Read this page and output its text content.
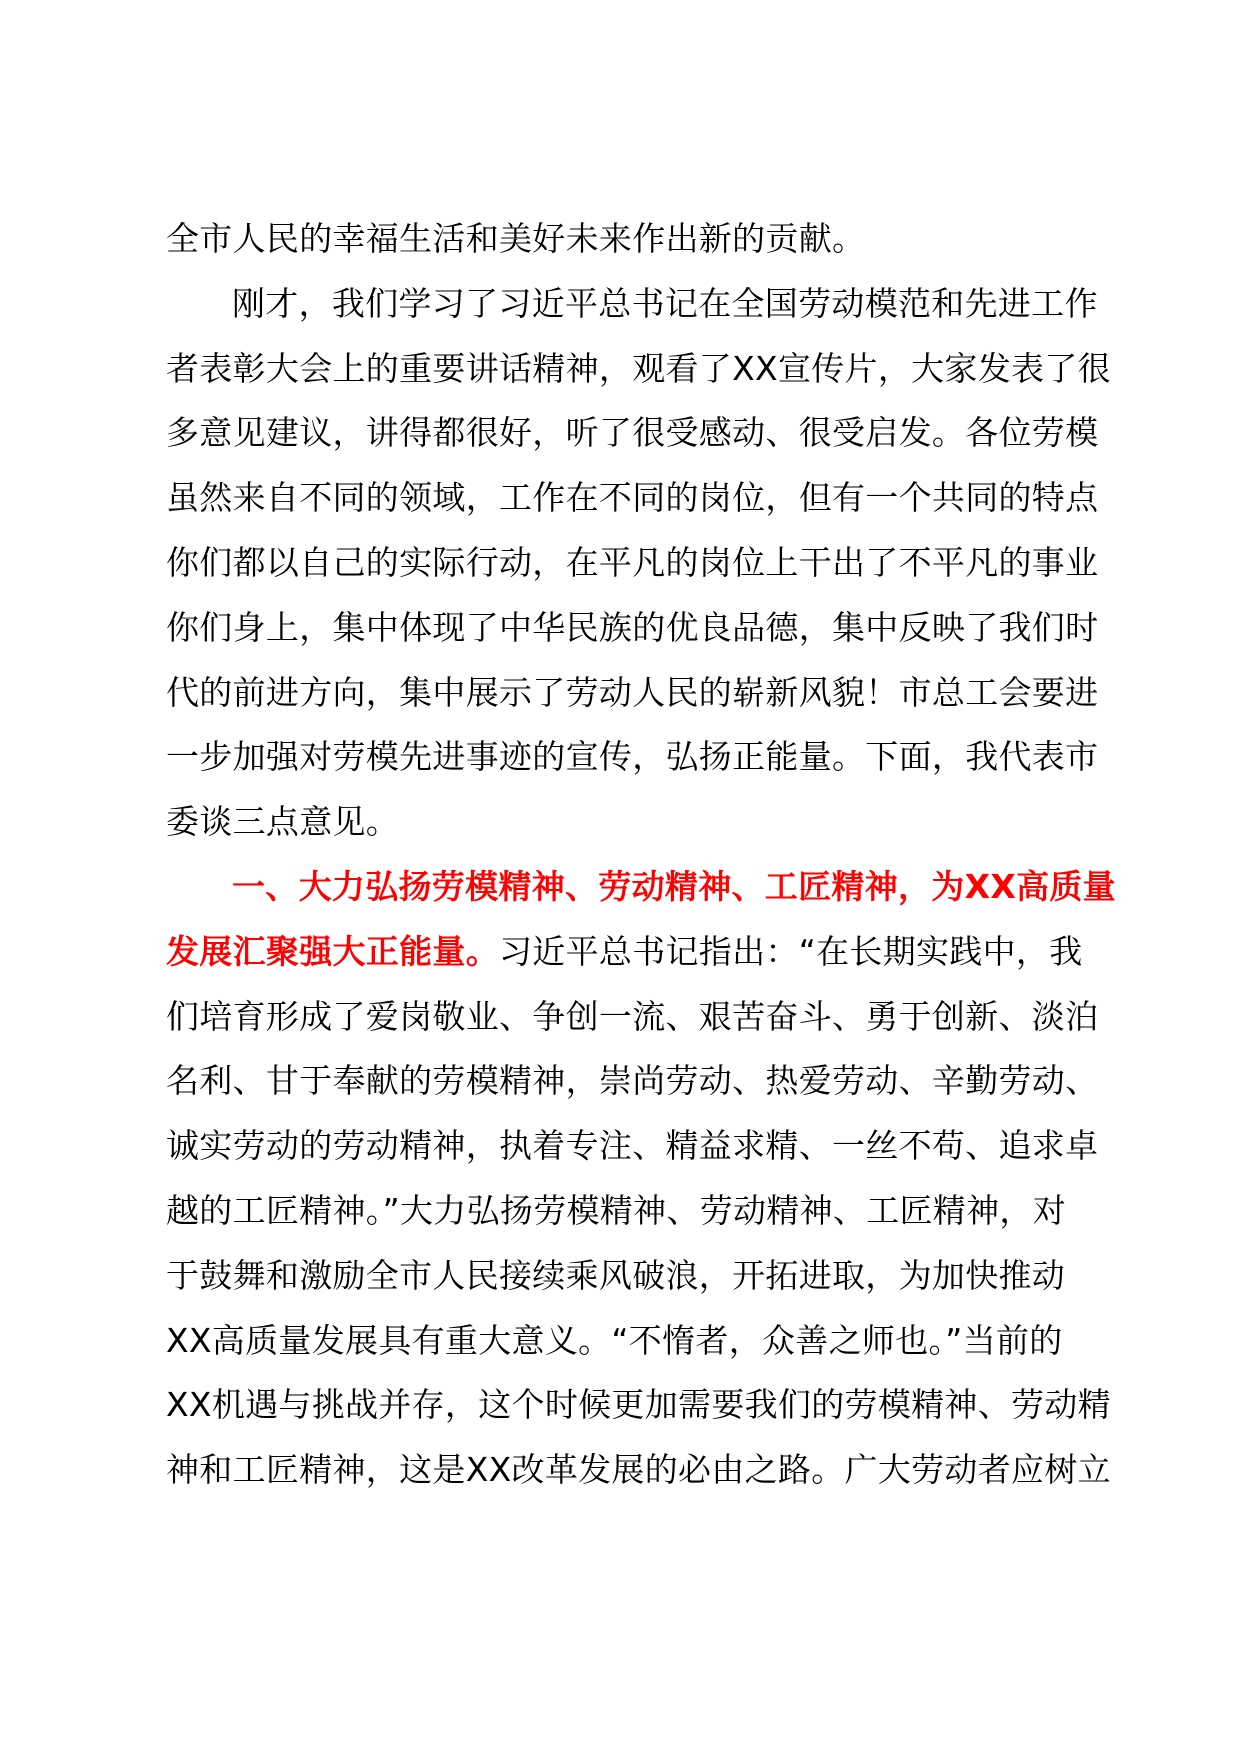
全市人民的幸福生活和美好未来作出新的贡献。
刚才，我们学习了习近平总书记在全国劳动模范和先进工作
者表彰大会上的重要讲话精神，观看了XX宣传片，大家发表了很
多意见建议，讲得都很好，听了很受感动、很受启发。各位劳模
虽然来自不同的领域，工作在不同的岗位，但有一个共同的特点
你们都以自己的实际行动，在平凡的岗位上干出了不平凡的事业
你们身上，集中体现了中华民族的优良品德，集中反映了我们时
代的前进方向，集中展示了劳动人民的崭新风貌！市总工会要进
一步加强对劳模先进事迹的宣传，弘扬正能量。下面，我代表市
委谈三点意见。
一、大力弘扬劳模精神、劳动精神、工匠精神，为XX高质量
发展汇聚强大正能量。习近平总书记指出：“在长期实践中，我
们培育形成了爱岗敬业、争创一流、艰苦奋斗、勇于创新、淡泊
名利、甘于奉献的劳模精神，崇尚劳动、热爱劳动、辛勤劳动、
诚实劳动的劳动精神，执着专注、精益求精、一丝不苟、追求卓
越的工匠精神。”大力弘扬劳模精神、劳动精神、工匠精神，对
于鼓舞和激励全市人民接续乘风破浪，开拓进取，为加快推动
XX高质量发展具有重大意义。“不惰者，众善之师也。”当前的
XX机遇与挑战并存，这个时候更加需要我们的劳模精神、劳动精
神和工匠精神，这是XX改革发展的必由之路。广大劳动者应树立
